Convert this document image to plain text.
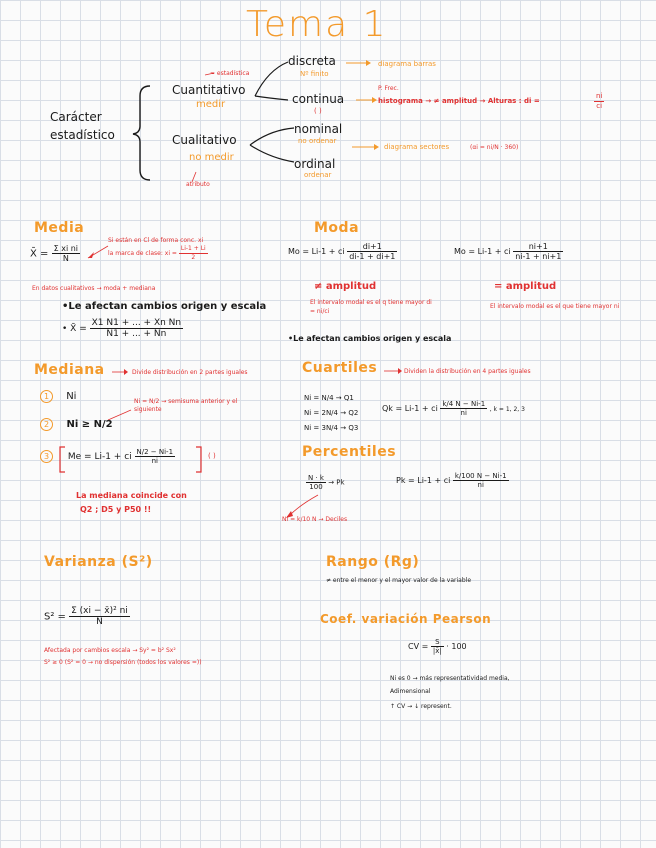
Tema 1
Carácter estadístico
= estadística
Cuantitativo
medir
Cualitativo
no medir
atributo
discreta
Nº finito
diagrama barras
P. Frec.
continua
( )
histograma → ≠ amplitud → Alturas : di =	$\frac{ni}{ci}$
nominal
no ordenar
diagrama sectores	(αi = ni/N · 360)
ordinal
ordenar
Media
X̄ = $\frac{\text{Σ xi ni}}{N}$
Si están en Cl de forma conc. xi la marca de clase: xi = $\frac{Li-1 + Li}{2}$
En datos cualitativos → moda + mediana
•Le afectan cambios origen y escala
• X̄ = $\frac{\text{X1 N1 + ... + Xn Nn}}{N1 + ... + Nn}$
Moda
Mo = Li-1 + ci $\frac{di+1}{di-1 + di+1}$	Mo = Li-1 + ci $\frac{ni+1}{ni-1 + ni+1}$
≠ amplitud	= amplitud
El intervalo modal es el q tiene mayor di = ni/ci
El intervalo modal es el que tiene mayor ni
•Le afectan cambios origen y escala
Mediana	Divide distribución en 2 partes iguales
1 Ni
2 Ni ≥ N/2
Ni = N/2 → semisuma anterior y el siguiente
3 Me = Li-1 + ci $\frac{N/2 - Ni-1}{ni}$	( )
La mediana coincide con
Q2 ; D5 y P50 !!
Cuartiles	Dividen la distribución en 4 partes iguales
Ni = N/4 → Q1
Ni = 2N/4 → Q2
Ni = 3N/4 → Q3
Qk = Li-1 + ci $\frac{k/4 N - Ni-1}{ni}$ , k = 1, 2, 3
Percentiles
$\frac{N \cdot k}{100} \to Pk$	Pk = Li-1 + ci $\frac{k/100 N - Ni-1}{ni}$
Ni = k/10 N → Deciles
Varianza (S²)
$S^2 = \frac{\text{Σ (xi − x̄)² ni}}{N}$
Afectada por cambios escala → Sy² = b² Sx²
S² ≥ 0 (S² = 0 → no dispersión (todos los valores =))
Rango (Rg)
≠ entre el menor y el mayor valor de la variable
Coef. variación Pearson
CV = $\frac{S}{|x̄|} \cdot 100$
Ni es 0 → más representatividad media,
Adimensional
↑ CV → ↓ represent.
